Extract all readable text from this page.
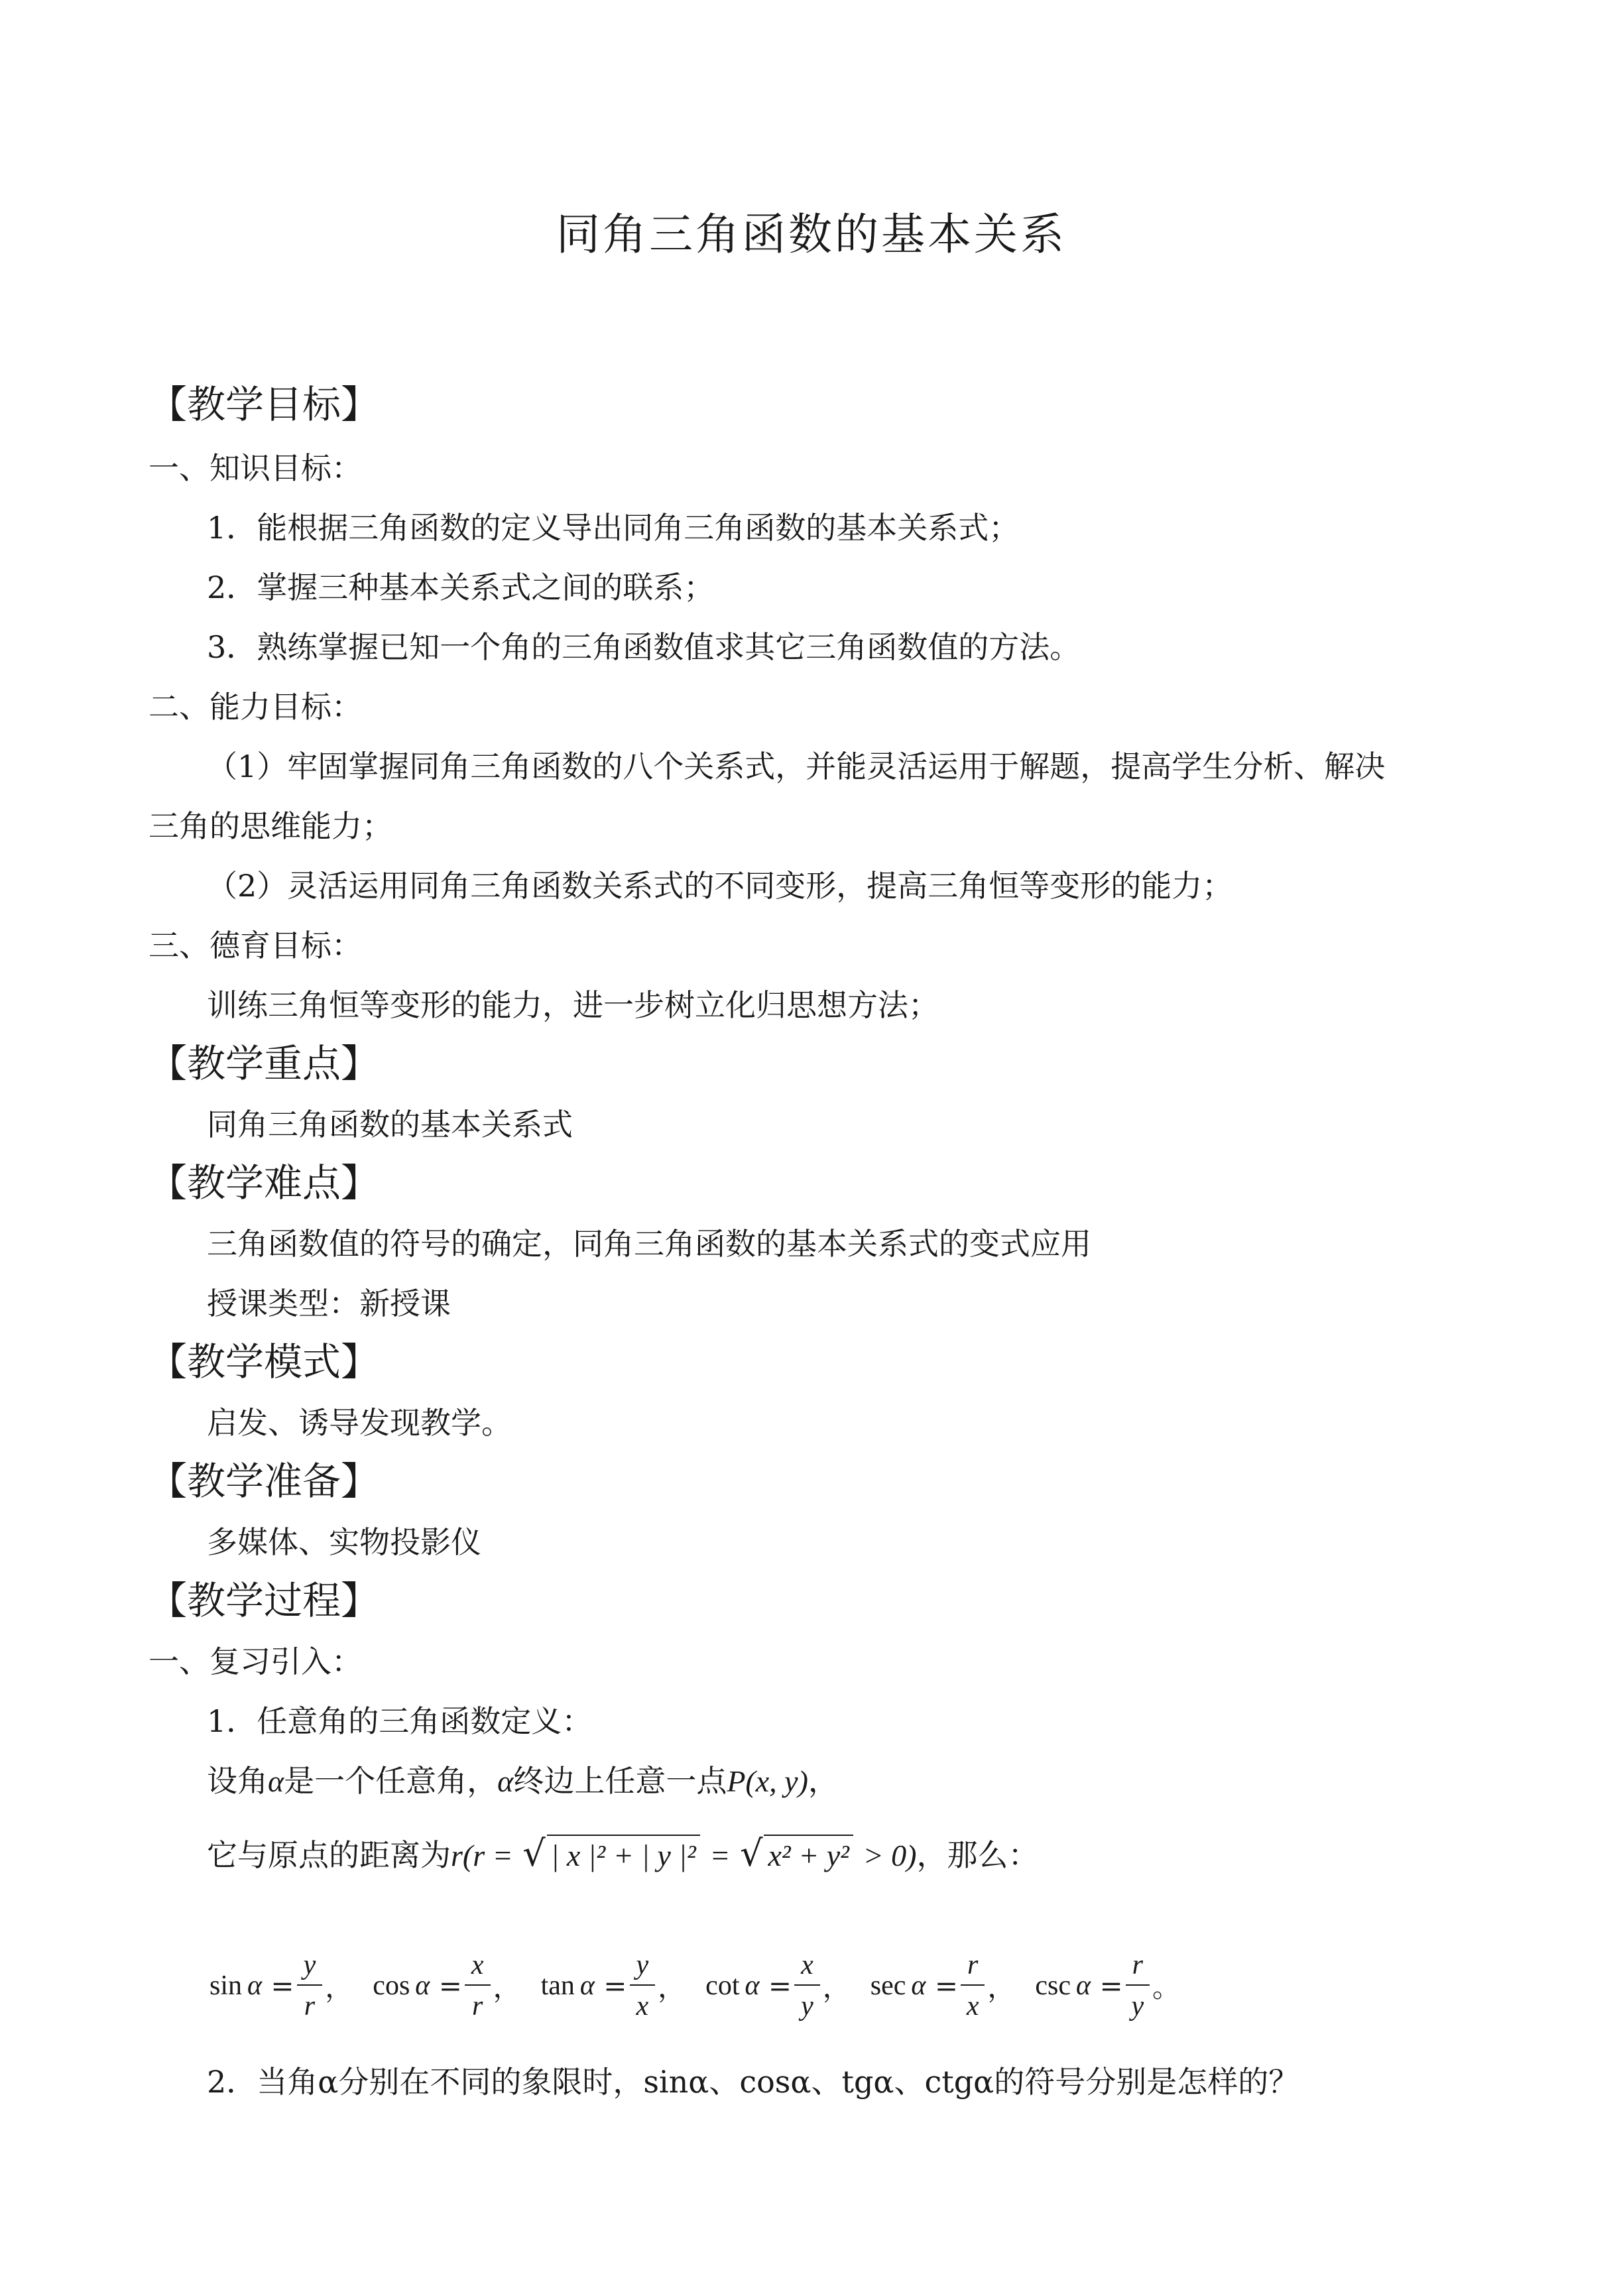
同角三角函数的基本关系
【教学目标】
一、知识目标：
1．能根据三角函数的定义导出同角三角函数的基本关系式；
2．掌握三种基本关系式之间的联系；
3．熟练掌握已知一个角的三角函数值求其它三角函数值的方法。
二、能力目标：
（1）牢固掌握同角三角函数的八个关系式，并能灵活运用于解题，提高学生分析、解决
三角的思维能力；
（2）灵活运用同角三角函数关系式的不同变形，提高三角恒等变形的能力；
三、德育目标：
训练三角恒等变形的能力，进一步树立化归思想方法；
【教学重点】
同角三角函数的基本关系式
【教学难点】
三角函数值的符号的确定，同角三角函数的基本关系式的变式应用
授课类型：新授课
【教学模式】
启发、诱导发现教学。
【教学准备】
多媒体、实物投影仪
【教学过程】
一、复习引入：
1．任意角的三角函数定义：
设角α是一个任意角，α终边上任意一点P(x, y)，
它与原点的距离为r(r = √ | x |² + | y |² = √ x² + y² > 0)，那么：
sin α
= $\frac{y}{r}$ ， cos α
= $\frac{x}{r}$ ， tan α
= $\frac{y}{x}$ ， cot α
= $\frac{x}{y}$ ， sec α
= $\frac{r}{x}$ ， csc α
= $\frac{r}{y}$ 。
2．当角α分别在不同的象限时，sinα、cosα、tgα、ctgα的符号分别是怎样的？
